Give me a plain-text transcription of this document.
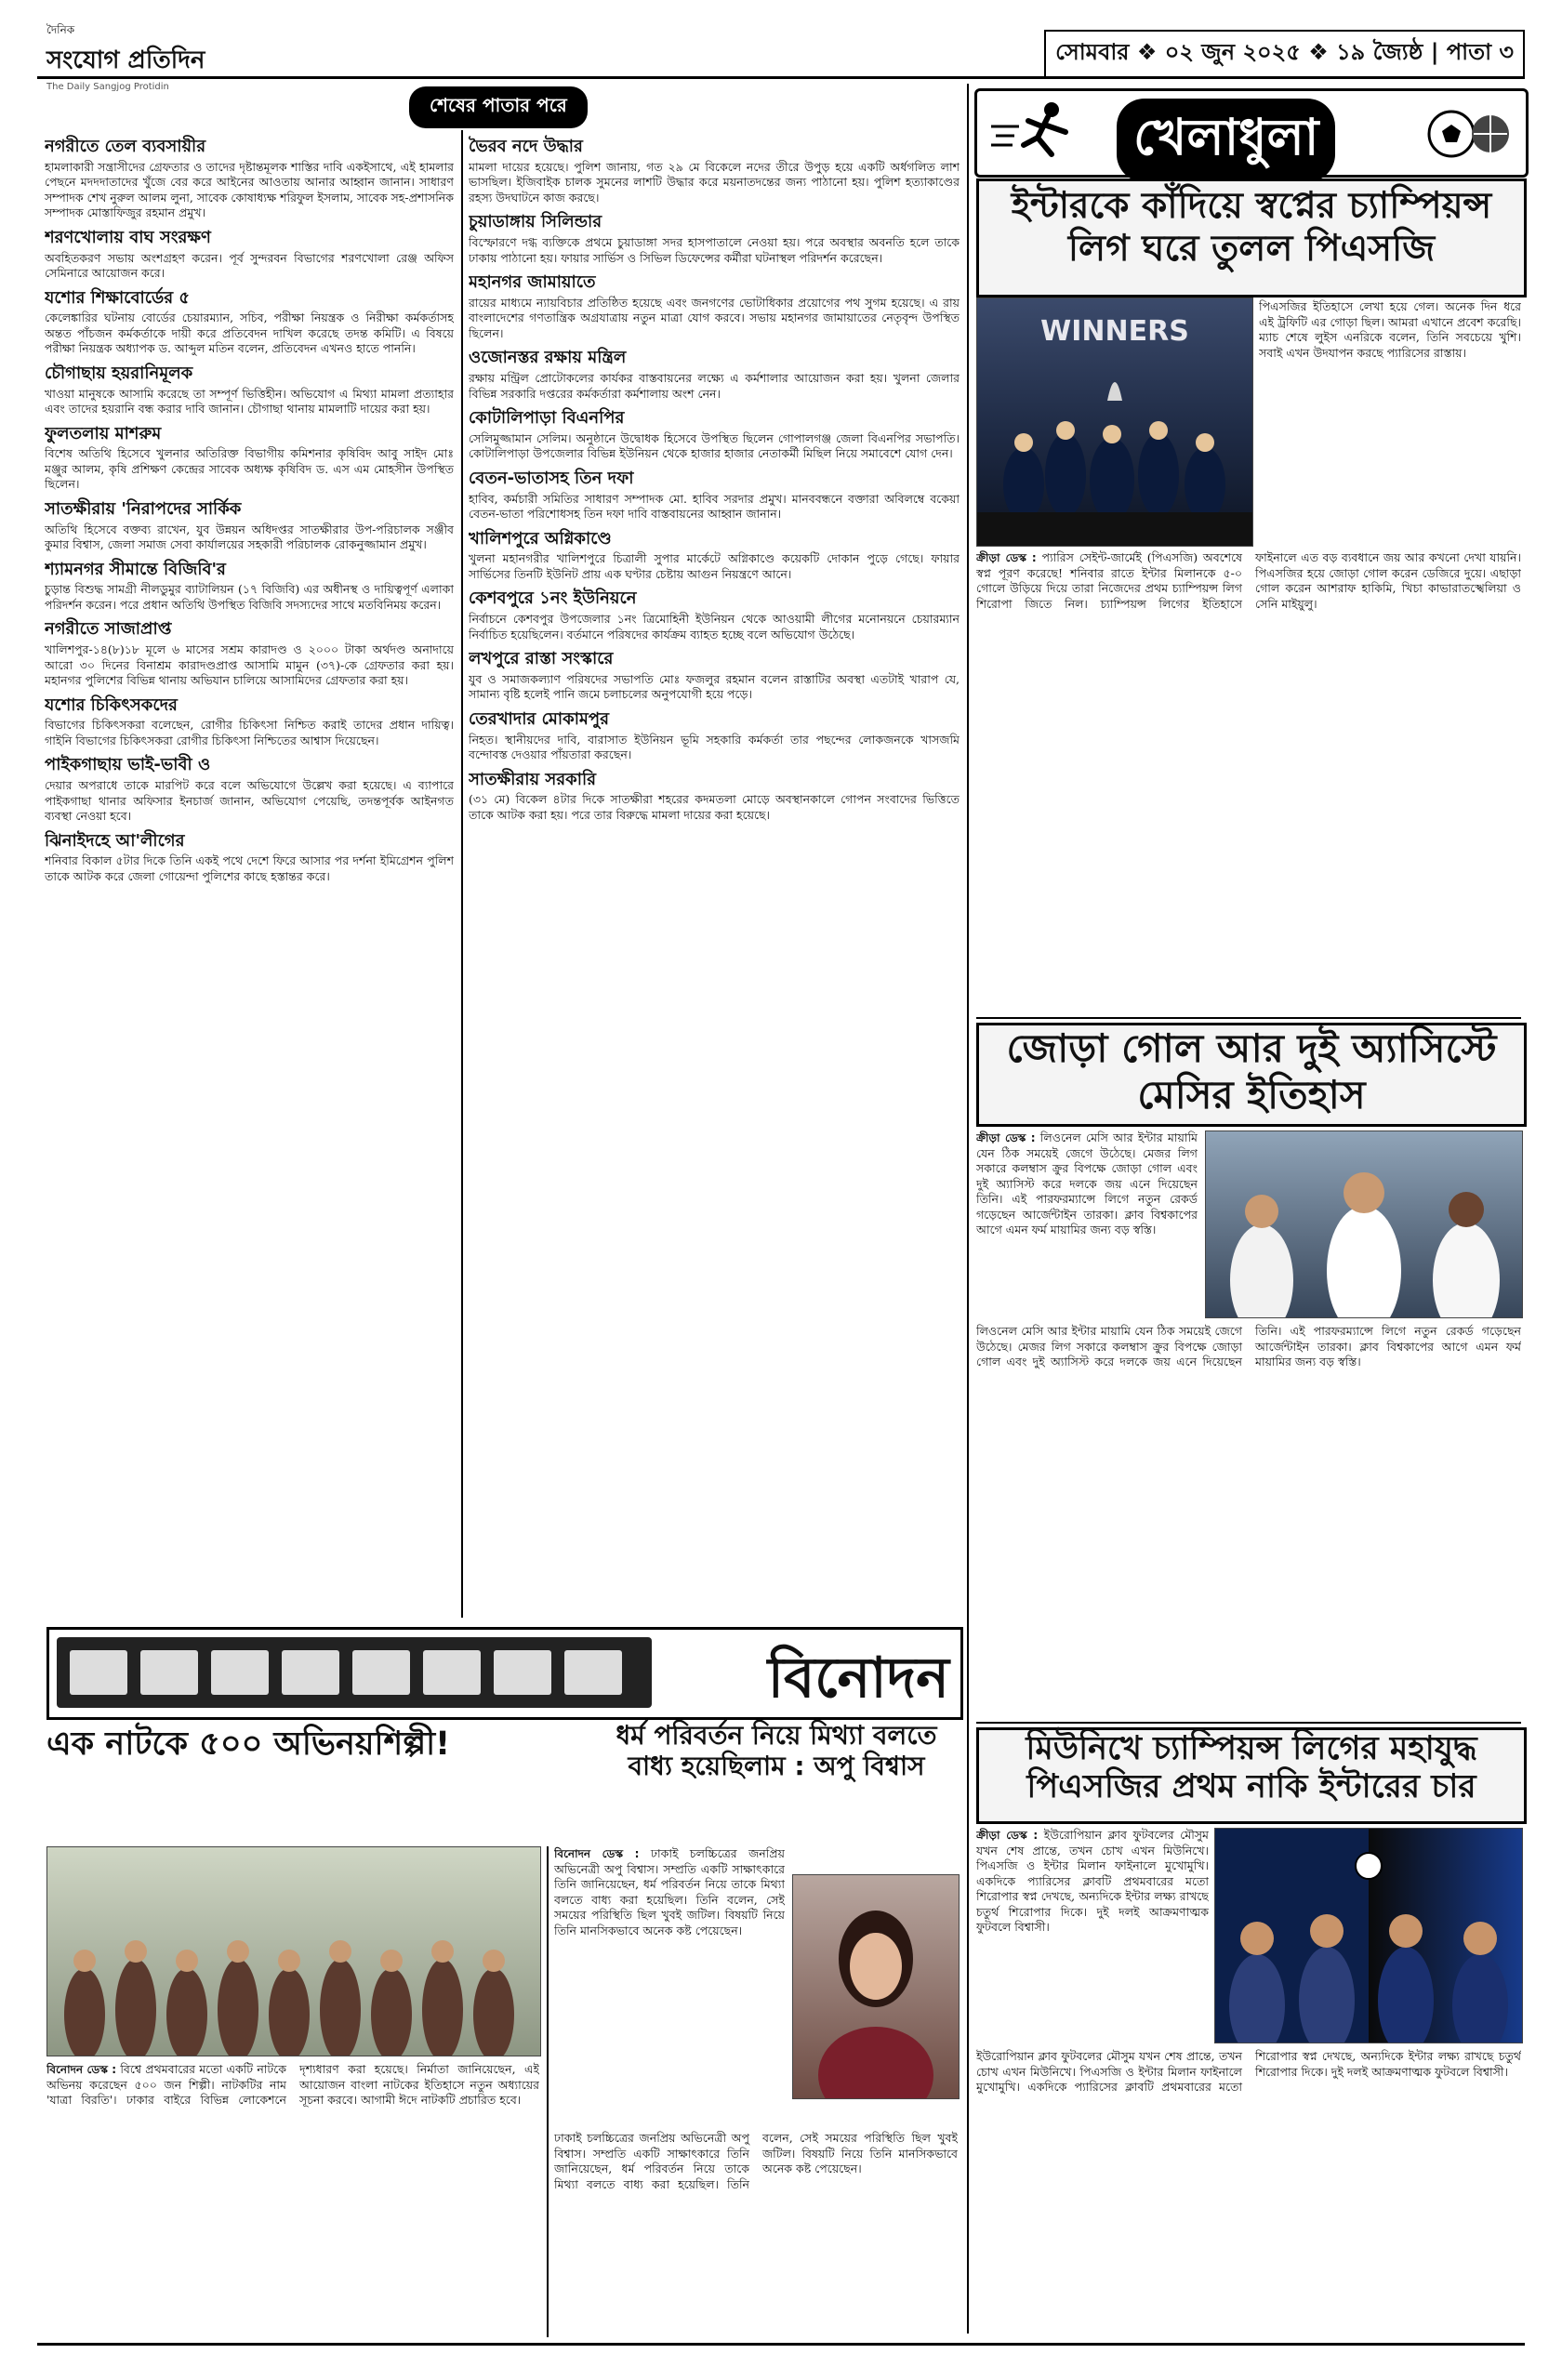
দৈনিক
সংযোগ প্রতিদিন
The Daily Sangjog Protidin
সোমবার ❖ ০২ জুন ২০২৫ ❖ ১৯ জ্যৈষ্ঠ | পাতা ৩
শেষের পাতার পরে
নগরীতে তেল ব্যবসায়ীর

হামলাকারী সন্ত্রাসীদের গ্রেফতার ও তাদের দৃষ্টান্তমূলক শাস্তির দাবি একইসাথে, এই হামলার পেছনে মদদদাতাদের খুঁজে বের করে আইনের আওতায় আনার আহ্বান জানান। সাধারণ সম্পাদক শেখ নুরুল আলম লুনা, সাবেক কোষাধ্যক্ষ শরিফুল ইসলাম, সাবেক সহ-প্রশাসনিক সম্পাদক মোস্তাফিজুর রহমান প্রমুখ।

শরণখোলায় বাঘ সংরক্ষণ

অবহিতকরণ সভায় অংশগ্রহণ করেন। পূর্ব সুন্দরবন বিভাগের শরণখোলা রেঞ্জ অফিস সেমিনারে আয়োজন করে।

যশোর শিক্ষাবোর্ডের ৫

কেলেঙ্কারির ঘটনায় বোর্ডের চেয়ারম্যান, সচিব, পরীক্ষা নিয়ন্ত্রক ও নিরীক্ষা কর্মকর্তাসহ অন্তত পাঁচজন কর্মকর্তাকে দায়ী করে প্রতিবেদন দাখিল করেছে তদন্ত কমিটি। এ বিষয়ে পরীক্ষা নিয়ন্ত্রক অধ্যাপক ড. আব্দুল মতিন বলেন, প্রতিবেদন এখনও হাতে পাননি।

চৌগাছায় হয়রানিমূলক

খাওয়া মানুষকে আসামি করেছে তা সম্পূর্ণ ভিত্তিহীন। অভিযোগ এ মিথ্যা মামলা প্রত্যাহার এবং তাদের হয়রানি বন্ধ করার দাবি জানান। চৌগাছা থানায় মামলাটি দায়ের করা হয়।

ফুলতলায় মাশরুম

বিশেষ অতিথি হিসেবে খুলনার অতিরিক্ত বিভাগীয় কমিশনার কৃষিবিদ আবু সাইদ মোঃ মঞ্জুর আলম, কৃষি প্রশিক্ষণ কেন্দ্রের সাবেক অধ্যক্ষ কৃষিবিদ ড. এস এম মোহসীন উপস্থিত ছিলেন।

সাতক্ষীরায় 'নিরাপদের সার্কিক

অতিথি হিসেবে বক্তব্য রাখেন, যুব উন্নয়ন অধিদপ্তর সাতক্ষীরার উপ-পরিচালক সঞ্জীব কুমার বিশ্বাস, জেলা সমাজ সেবা কার্যালয়ের সহকারী পরিচালক রোকনুজ্জামান প্রমুখ।

শ্যামনগর সীমান্তে বিজিবি'র

চুড়ান্ত বিশুদ্ধ সামগ্রী নীলডুমুর ব্যাটালিয়ন (১৭ বিজিবি) এর অধীনস্থ ও দায়িত্বপূর্ণ এলাকা পরিদর্শন করেন। পরে প্রধান অতিথি উপস্থিত বিজিবি সদস্যদের সাথে মতবিনিময় করেন।

নগরীতে সাজাপ্রাপ্ত

খালিশপুর-১৪(৮)১৮ মূলে ৬ মাসের সশ্রম কারাদণ্ড ও ২০০০ টাকা অর্থদণ্ড অনাদায়ে আরো ৩০ দিনের বিনাশ্রম কারাদণ্ডপ্রাপ্ত আসামি মামুন (৩৭)-কে গ্রেফতার করা হয়। মহানগর পুলিশের বিভিন্ন থানায় অভিযান চালিয়ে আসামিদের গ্রেফতার করা হয়।

যশোর চিকিৎসকদের

বিভাগের চিকিৎসকরা বলেছেন, রোগীর চিকিৎসা নিশ্চিত করাই তাদের প্রধান দায়িত্ব। গাইনি বিভাগের চিকিৎসকরা রোগীর চিকিৎসা নিশ্চিতের আশ্বাস দিয়েছেন।

পাইকগাছায় ভাই-ভাবী ও

দেয়ার অপরাধে তাকে মারপিট করে বলে অভিযোগে উল্লেখ করা হয়েছে। এ ব্যাপারে পাইকগাছা থানার অফিসার ইনচার্জ জানান, অভিযোগ পেয়েছি, তদন্তপূর্বক আইনগত ব্যবস্থা নেওয়া হবে।

ঝিনাইদহে আ'লীগের

শনিবার বিকাল ৫টার দিকে তিনি একই পথে দেশে ফিরে আসার পর দর্শনা ইমিগ্রেশন পুলিশ তাকে আটক করে জেলা গোয়েন্দা পুলিশের কাছে হস্তান্তর করে।

ভৈরব নদে উদ্ধার

মামলা দায়ের হয়েছে। পুলিশ জানায়, গত ২৯ মে বিকেলে নদের তীরে উপুড় হয়ে একটি অর্ধগলিত লাশ ভাসছিল। ইজিবাইক চালক সুমনের লাশটি উদ্ধার করে ময়নাতদন্তের জন্য পাঠানো হয়। পুলিশ হত্যাকাণ্ডের রহস্য উদঘাটনে কাজ করছে।

চুয়াডাঙ্গায় সিলিন্ডার

বিস্ফোরণে দগ্ধ ব্যক্তিকে প্রথমে চুয়াডাঙ্গা সদর হাসপাতালে নেওয়া হয়। পরে অবস্থার অবনতি হলে তাকে ঢাকায় পাঠানো হয়। ফায়ার সার্ভিস ও সিভিল ডিফেন্সের কর্মীরা ঘটনাস্থল পরিদর্শন করেছেন।

মহানগর জামায়াতে

রায়ের মাধ্যমে ন্যায়বিচার প্রতিষ্ঠিত হয়েছে এবং জনগণের ভোটাধিকার প্রয়োগের পথ সুগম হয়েছে। এ রায় বাংলাদেশের গণতান্ত্রিক অগ্রযাত্রায় নতুন মাত্রা যোগ করবে। সভায় মহানগর জামায়াতের নেতৃবৃন্দ উপস্থিত ছিলেন।

ওজোনস্তর রক্ষায় মন্ত্রিল

রক্ষায় মন্ট্রিল প্রোটোকলের কার্যকর বাস্তবায়নের লক্ষ্যে এ কর্মশালার আয়োজন করা হয়। খুলনা জেলার বিভিন্ন সরকারি দপ্তরের কর্মকর্তারা কর্মশালায় অংশ নেন।

কোটালিপাড়া বিএনপির

সেলিমুজ্জামান সেলিম। অনুষ্ঠানে উদ্বোধক হিসেবে উপস্থিত ছিলেন গোপালগঞ্জ জেলা বিএনপির সভাপতি। কোটালিপাড়া উপজেলার বিভিন্ন ইউনিয়ন থেকে হাজার হাজার নেতাকর্মী মিছিল নিয়ে সমাবেশে যোগ দেন।

বেতন-ভাতাসহ তিন দফা

হাবিব, কর্মচারী সমিতির সাধারণ সম্পাদক মো. হাবিব সরদার প্রমুখ। মানববন্ধনে বক্তারা অবিলম্বে বকেয়া বেতন-ভাতা পরিশোধসহ তিন দফা দাবি বাস্তবায়নের আহ্বান জানান।

খালিশপুরে অগ্নিকাণ্ডে

খুলনা মহানগরীর খালিশপুরে চিত্রালী সুপার মার্কেটে অগ্নিকাণ্ডে কয়েকটি দোকান পুড়ে গেছে। ফায়ার সার্ভিসের তিনটি ইউনিট প্রায় এক ঘণ্টার চেষ্টায় আগুন নিয়ন্ত্রণে আনে।

কেশবপুরে ১নং ইউনিয়নে

নির্বাচনে কেশবপুর উপজেলার ১নং ত্রিমোহিনী ইউনিয়ন থেকে আওয়ামী লীগের মনোনয়নে চেয়ারম্যান নির্বাচিত হয়েছিলেন। বর্তমানে পরিষদের কার্যক্রম ব্যাহত হচ্ছে বলে অভিযোগ উঠেছে।

লখপুরে রাস্তা সংস্কারে

যুব ও সমাজকল্যাণ পরিষদের সভাপতি মোঃ ফজলুর রহমান বলেন রাস্তাটির অবস্থা এতটাই খারাপ যে, সামান্য বৃষ্টি হলেই পানি জমে চলাচলের অনুপযোগী হয়ে পড়ে।

তেরখাদার মোকামপুর

নিহত। স্থানীয়দের দাবি, বারাসাত ইউনিয়ন ভূমি সহকারি কর্মকর্তা তার পছন্দের লোকজনকে খাসজমি বন্দোবস্ত দেওয়ার পাঁয়তারা করছেন।

সাতক্ষীরায় সরকারি

(৩১ মে) বিকেল ৪টার দিকে সাতক্ষীরা শহরের কদমতলা মোড়ে অবস্থানকালে গোপন সংবাদের ভিত্তিতে তাকে আটক করা হয়। পরে তার বিরুদ্ধে মামলা দায়ের করা হয়েছে।

খেলাধুলা
ইন্টারকে কাঁদিয়ে স্বপ্নের চ্যাম্পিয়ন্স লিগ ঘরে তুলল পিএসজি
WINNERS

পিএসজির ইতিহাসে লেখা হয়ে গেল। অনেক দিন ধরে এই ট্রফিটি এর গোড়া ছিল। আমরা এখানে প্রবেশ করেছি। ম্যাচ শেষে লুইস এনরিকে বলেন, তিনি সবচেয়ে খুশি। সবাই এখন উদযাপন করছে প্যারিসের রাস্তায়।

ক্রীড়া ডেস্ক : প্যারিস সেইন্ট-জার্মেই (পিএসজি) অবশেষে স্বপ্ন পূরণ করেছে! শনিবার রাতে ইন্টার মিলানকে ৫-০ গোলে উড়িয়ে দিয়ে তারা নিজেদের প্রথম চ্যাম্পিয়ন্স লিগ শিরোপা জিতে নিল। চ্যাম্পিয়ন্স লিগের ইতিহাসে ফাইনালে এত বড় ব্যবধানে জয় আর কখনো দেখা যায়নি। পিএসজির হয়ে জোড়া গোল করেন ডেজিরে দুয়ে। এছাড়া গোল করেন আশরাফ হাকিমি, খিচা কাভারাতস্খেলিয়া ও সেনি মাইয়ুলু।
জোড়া গোল আর দুই অ্যাসিস্টে মেসির ইতিহাস
ক্রীড়া ডেস্ক : লিওনেল মেসি আর ইন্টার মায়ামি যেন ঠিক সময়েই জেগে উঠেছে। মেজর লিগ সকারে কলম্বাস ক্রুর বিপক্ষে জোড়া গোল এবং দুই অ্যাসিস্ট করে দলকে জয় এনে দিয়েছেন তিনি। এই পারফরম্যান্সে লিগে নতুন রেকর্ড গড়েছেন আর্জেন্টাইন তারকা। ক্লাব বিশ্বকাপের আগে এমন ফর্ম মায়ামির জন্য বড় স্বস্তি।
লিওনেল মেসি আর ইন্টার মায়ামি যেন ঠিক সময়েই জেগে উঠেছে। মেজর লিগ সকারে কলম্বাস ক্রুর বিপক্ষে জোড়া গোল এবং দুই অ্যাসিস্ট করে দলকে জয় এনে দিয়েছেন তিনি। এই পারফরম্যান্সে লিগে নতুন রেকর্ড গড়েছেন আর্জেন্টাইন তারকা। ক্লাব বিশ্বকাপের আগে এমন ফর্ম মায়ামির জন্য বড় স্বস্তি।
মিউনিখে চ্যাম্পিয়ন্স লিগের মহাযুদ্ধ পিএসজির প্রথম নাকি ইন্টারের চার
ক্রীড়া ডেস্ক : ইউরোপিয়ান ক্লাব ফুটবলের মৌসুম যখন শেষ প্রান্তে, তখন চোখ এখন মিউনিখে। পিএসজি ও ইন্টার মিলান ফাইনালে মুখোমুখি। একদিকে প্যারিসের ক্লাবটি প্রথমবারের মতো শিরোপার স্বপ্ন দেখছে, অন্যদিকে ইন্টার লক্ষ্য রাখছে চতুর্থ শিরোপার দিকে। দুই দলই আক্রমণাত্মক ফুটবলে বিশ্বাসী।
ইউরোপিয়ান ক্লাব ফুটবলের মৌসুম যখন শেষ প্রান্তে, তখন চোখ এখন মিউনিখে। পিএসজি ও ইন্টার মিলান ফাইনালে মুখোমুখি। একদিকে প্যারিসের ক্লাবটি প্রথমবারের মতো শিরোপার স্বপ্ন দেখছে, অন্যদিকে ইন্টার লক্ষ্য রাখছে চতুর্থ শিরোপার দিকে। দুই দলই আক্রমণাত্মক ফুটবলে বিশ্বাসী।
বিনোদন
এক নাটকে ৫০০ অভিনয়শিল্পী!	ধর্ম পরিবর্তন নিয়ে মিথ্যা বলতে বাধ্য হয়েছিলাম : অপু বিশ্বাস
বিনোদন ডেস্ক : বিশ্বে প্রথমবারের মতো একটি নাটকে অভিনয় করেছেন ৫০০ জন শিল্পী। নাটকটির নাম 'যাত্রা বিরতি'। ঢাকার বাইরে বিভিন্ন লোকেশনে দৃশ্যধারণ করা হয়েছে। নির্মাতা জানিয়েছেন, এই আয়োজন বাংলা নাটকের ইতিহাসে নতুন অধ্যায়ের সূচনা করবে। আগামী ঈদে নাটকটি প্রচারিত হবে।
বিনোদন ডেস্ক : ঢাকাই চলচ্চিত্রের জনপ্রিয় অভিনেত্রী অপু বিশ্বাস। সম্প্রতি একটি সাক্ষাৎকারে তিনি জানিয়েছেন, ধর্ম পরিবর্তন নিয়ে তাকে মিথ্যা বলতে বাধ্য করা হয়েছিল। তিনি বলেন, সেই সময়ের পরিস্থিতি ছিল খুবই জটিল। বিষয়টি নিয়ে তিনি মানসিকভাবে অনেক কষ্ট পেয়েছেন।
ঢাকাই চলচ্চিত্রের জনপ্রিয় অভিনেত্রী অপু বিশ্বাস। সম্প্রতি একটি সাক্ষাৎকারে তিনি জানিয়েছেন, ধর্ম পরিবর্তন নিয়ে তাকে মিথ্যা বলতে বাধ্য করা হয়েছিল। তিনি বলেন, সেই সময়ের পরিস্থিতি ছিল খুবই জটিল। বিষয়টি নিয়ে তিনি মানসিকভাবে অনেক কষ্ট পেয়েছেন।
